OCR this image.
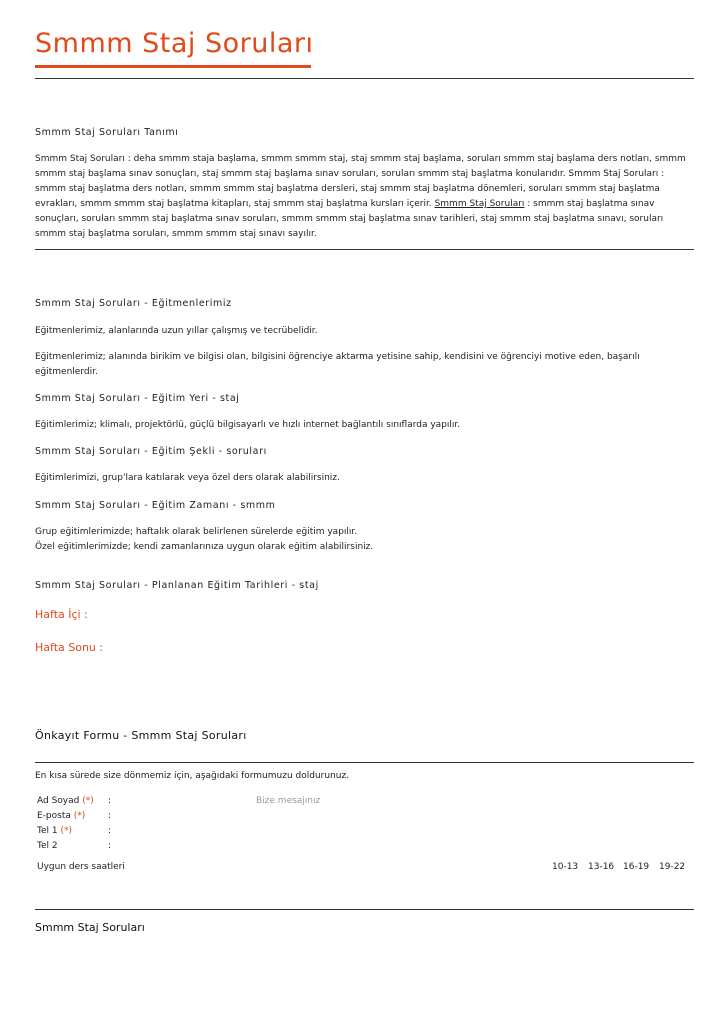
Smmm Staj Soruları
Smmm Staj Soruları Tanımı
Smmm Staj Soruları : deha smmm staja başlama, smmm smmm staj, staj smmm staj başlama, soruları smmm staj başlama ders notları, smmm smmm staj başlama sınav sonuçları, staj smmm staj başlama sınav soruları, soruları smmm staj başlatma konularıdır. Smmm Staj Soruları : smmm staj başlatma ders notları, smmm smmm staj başlatma dersleri, staj smmm staj başlatma dönemleri, soruları smmm staj başlatma evrakları, smmm smmm staj başlatma kitapları, staj smmm staj başlatma kursları içerir. Smmm Staj Soruları : smmm staj başlatma sınav sonuçları, soruları smmm staj başlatma sınav soruları, smmm smmm staj başlatma sınav tarihleri, staj smmm staj başlatma sınavı, soruları smmm staj başlatma soruları, smmm smmm staj sınavı sayılır.
Smmm Staj Soruları - Eğitmenlerimiz
Eğitmenlerimiz, alanlarında uzun yıllar çalışmış ve tecrübelidir.
Eğitmenlerimiz; alanında birikim ve bilgisi olan, bilgisini öğrenciye aktarma yetisine sahip, kendisini ve öğrenciyi motive eden, başarılı eğitmenlerdir.
Smmm Staj Soruları - Eğitim Yeri - staj
Eğitimlerimiz; klimalı, projektörlü, güçlü bilgisayarlı ve hızlı internet bağlantılı sınıflarda yapılır.
Smmm Staj Soruları - Eğitim Şekli - soruları
Eğitimlerimizi, grup'lara katılarak veya özel ders olarak alabilirsiniz.
Smmm Staj Soruları - Eğitim Zamanı - smmm
Grup eğitimlerimizde; haftalık olarak belirlenen sürelerde eğitim yapılır.
Özel eğitimlerimizde; kendi zamanlarınıza uygun olarak eğitim alabilirsiniz.
Smmm Staj Soruları - Planlanan Eğitim Tarihleri - staj
Hafta İçi :
Hafta Sonu :
Önkayıt Formu - Smmm Staj Soruları
En kısa sürede size dönmemiz için, aşağıdaki formumuzu doldurunuz.
Ad Soyad (*) :
E-posta (*)	:
Tel 1 (*)	:
Tel 2	:
Bize mesajınız
Uygun ders saatleri	10-13 13-16 16-19 19-22
Smmm Staj Soruları
